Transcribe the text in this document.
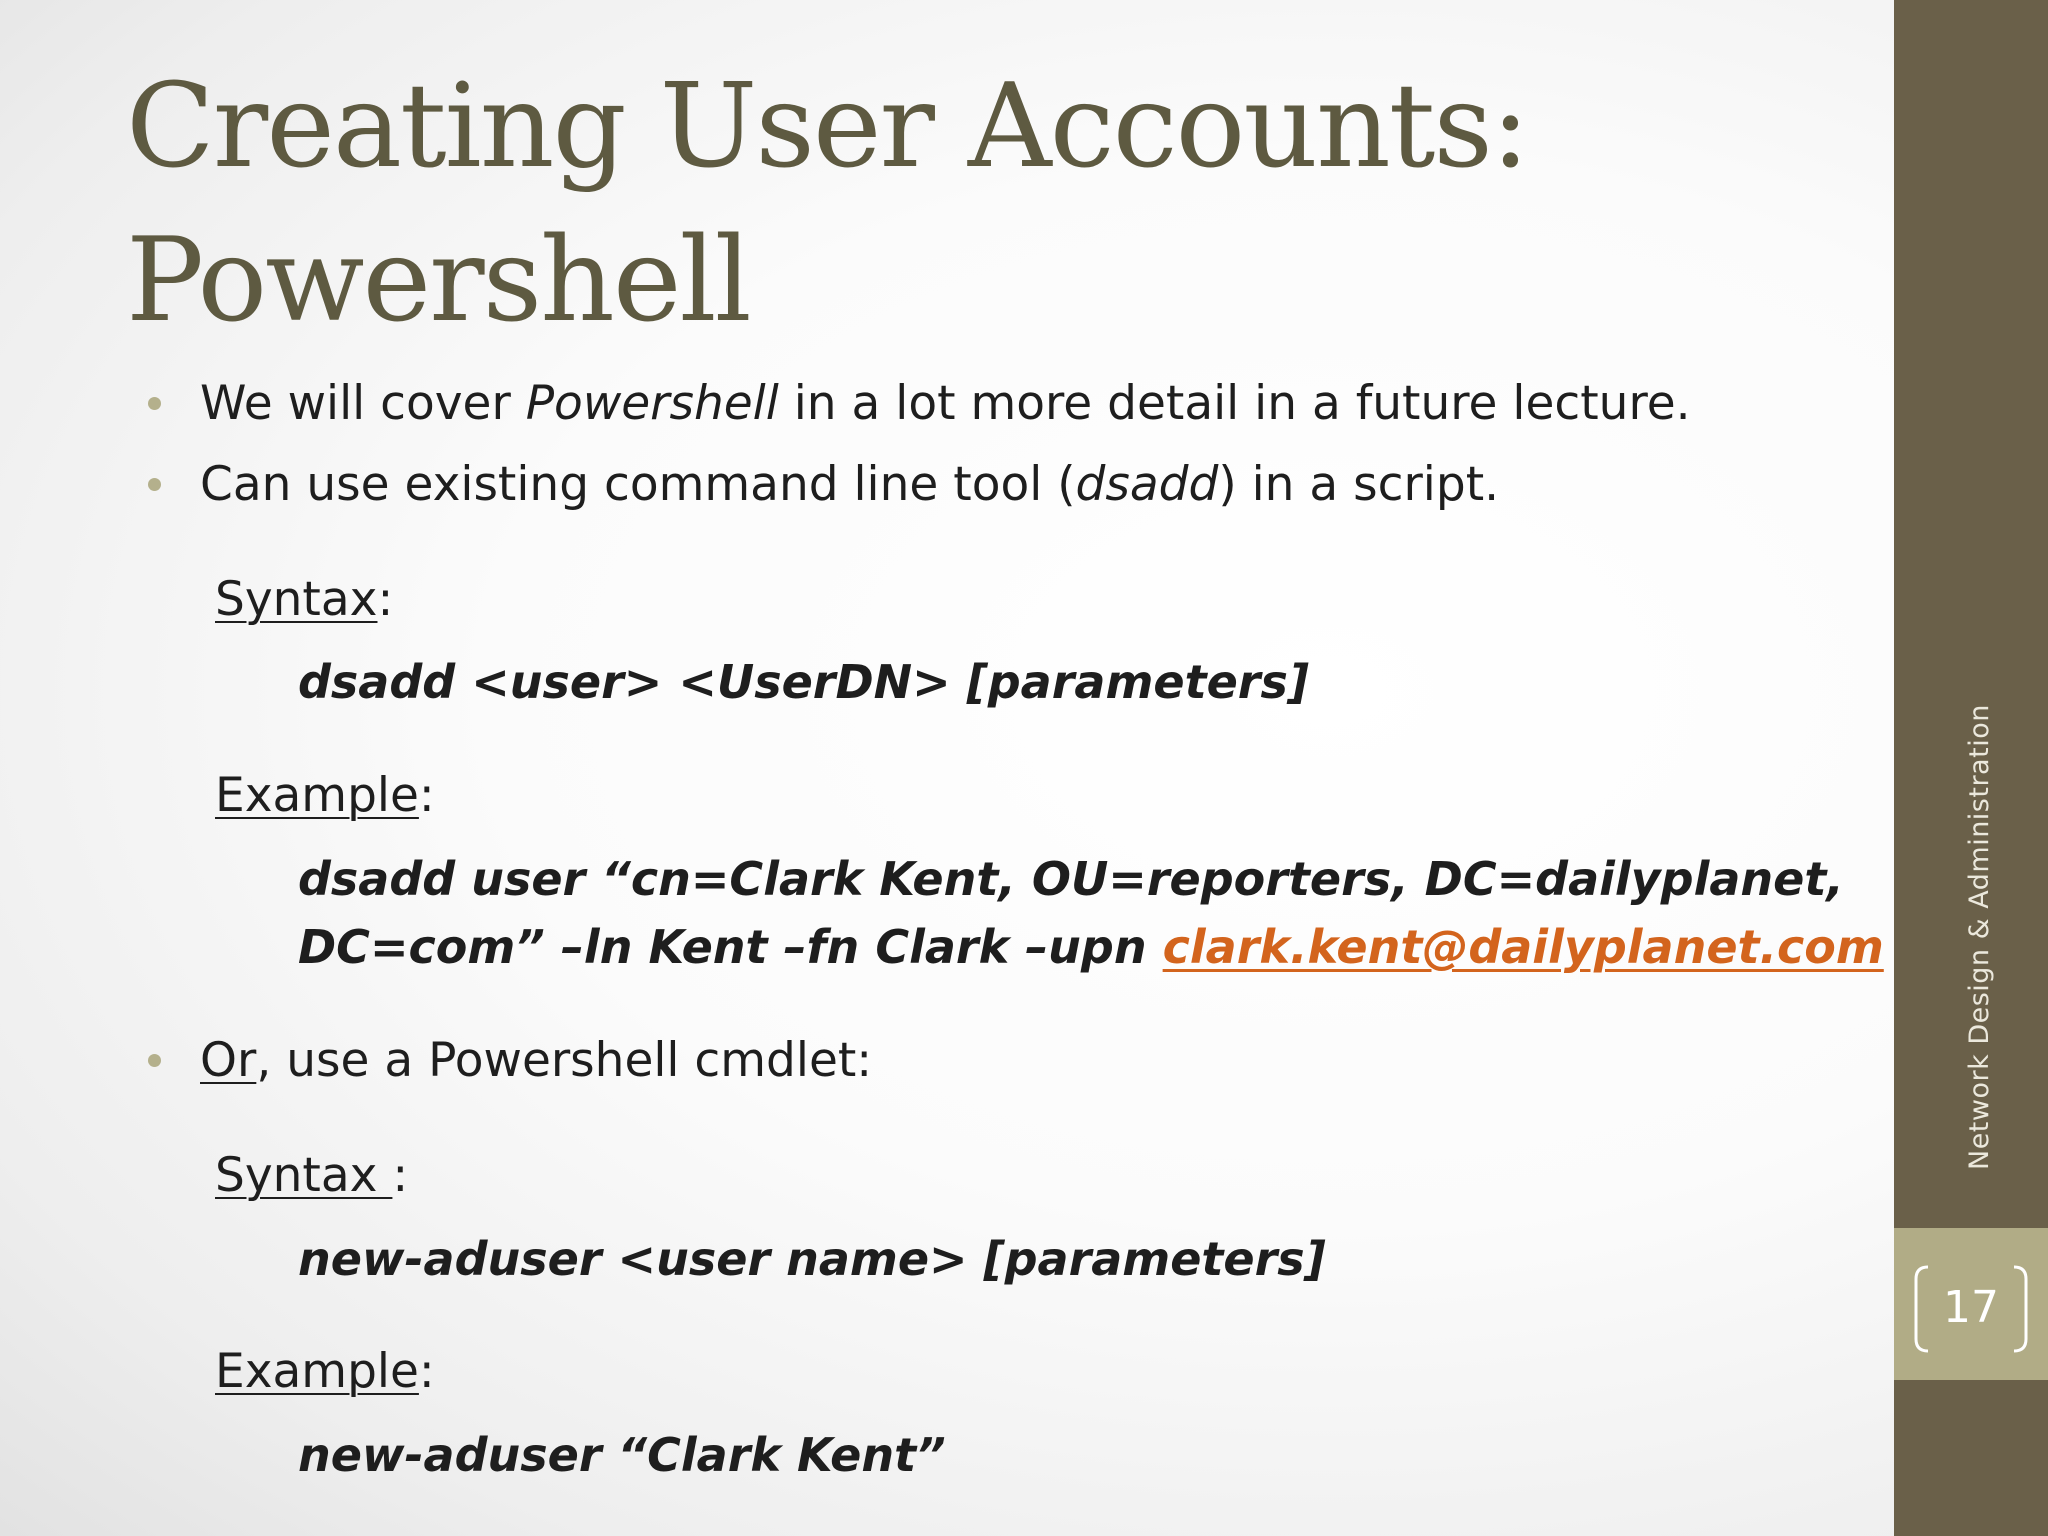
Creating User Accounts:
Powershell
We will cover Powershell in a lot more detail in a future lecture.
Can use existing command line tool (dsadd) in a script.
Syntax:
dsadd <user> <UserDN> [parameters]
Example:
dsadd user “cn=Clark Kent, OU=reporters, DC=dailyplanet,
DC=com” –ln Kent –fn Clark –upn clark.kent@dailyplanet.com
Or, use a Powershell cmdlet:
Syntax :
new-aduser <user name> [parameters]
Example:
new-aduser “Clark Kent”
Network Design & Administration
17
